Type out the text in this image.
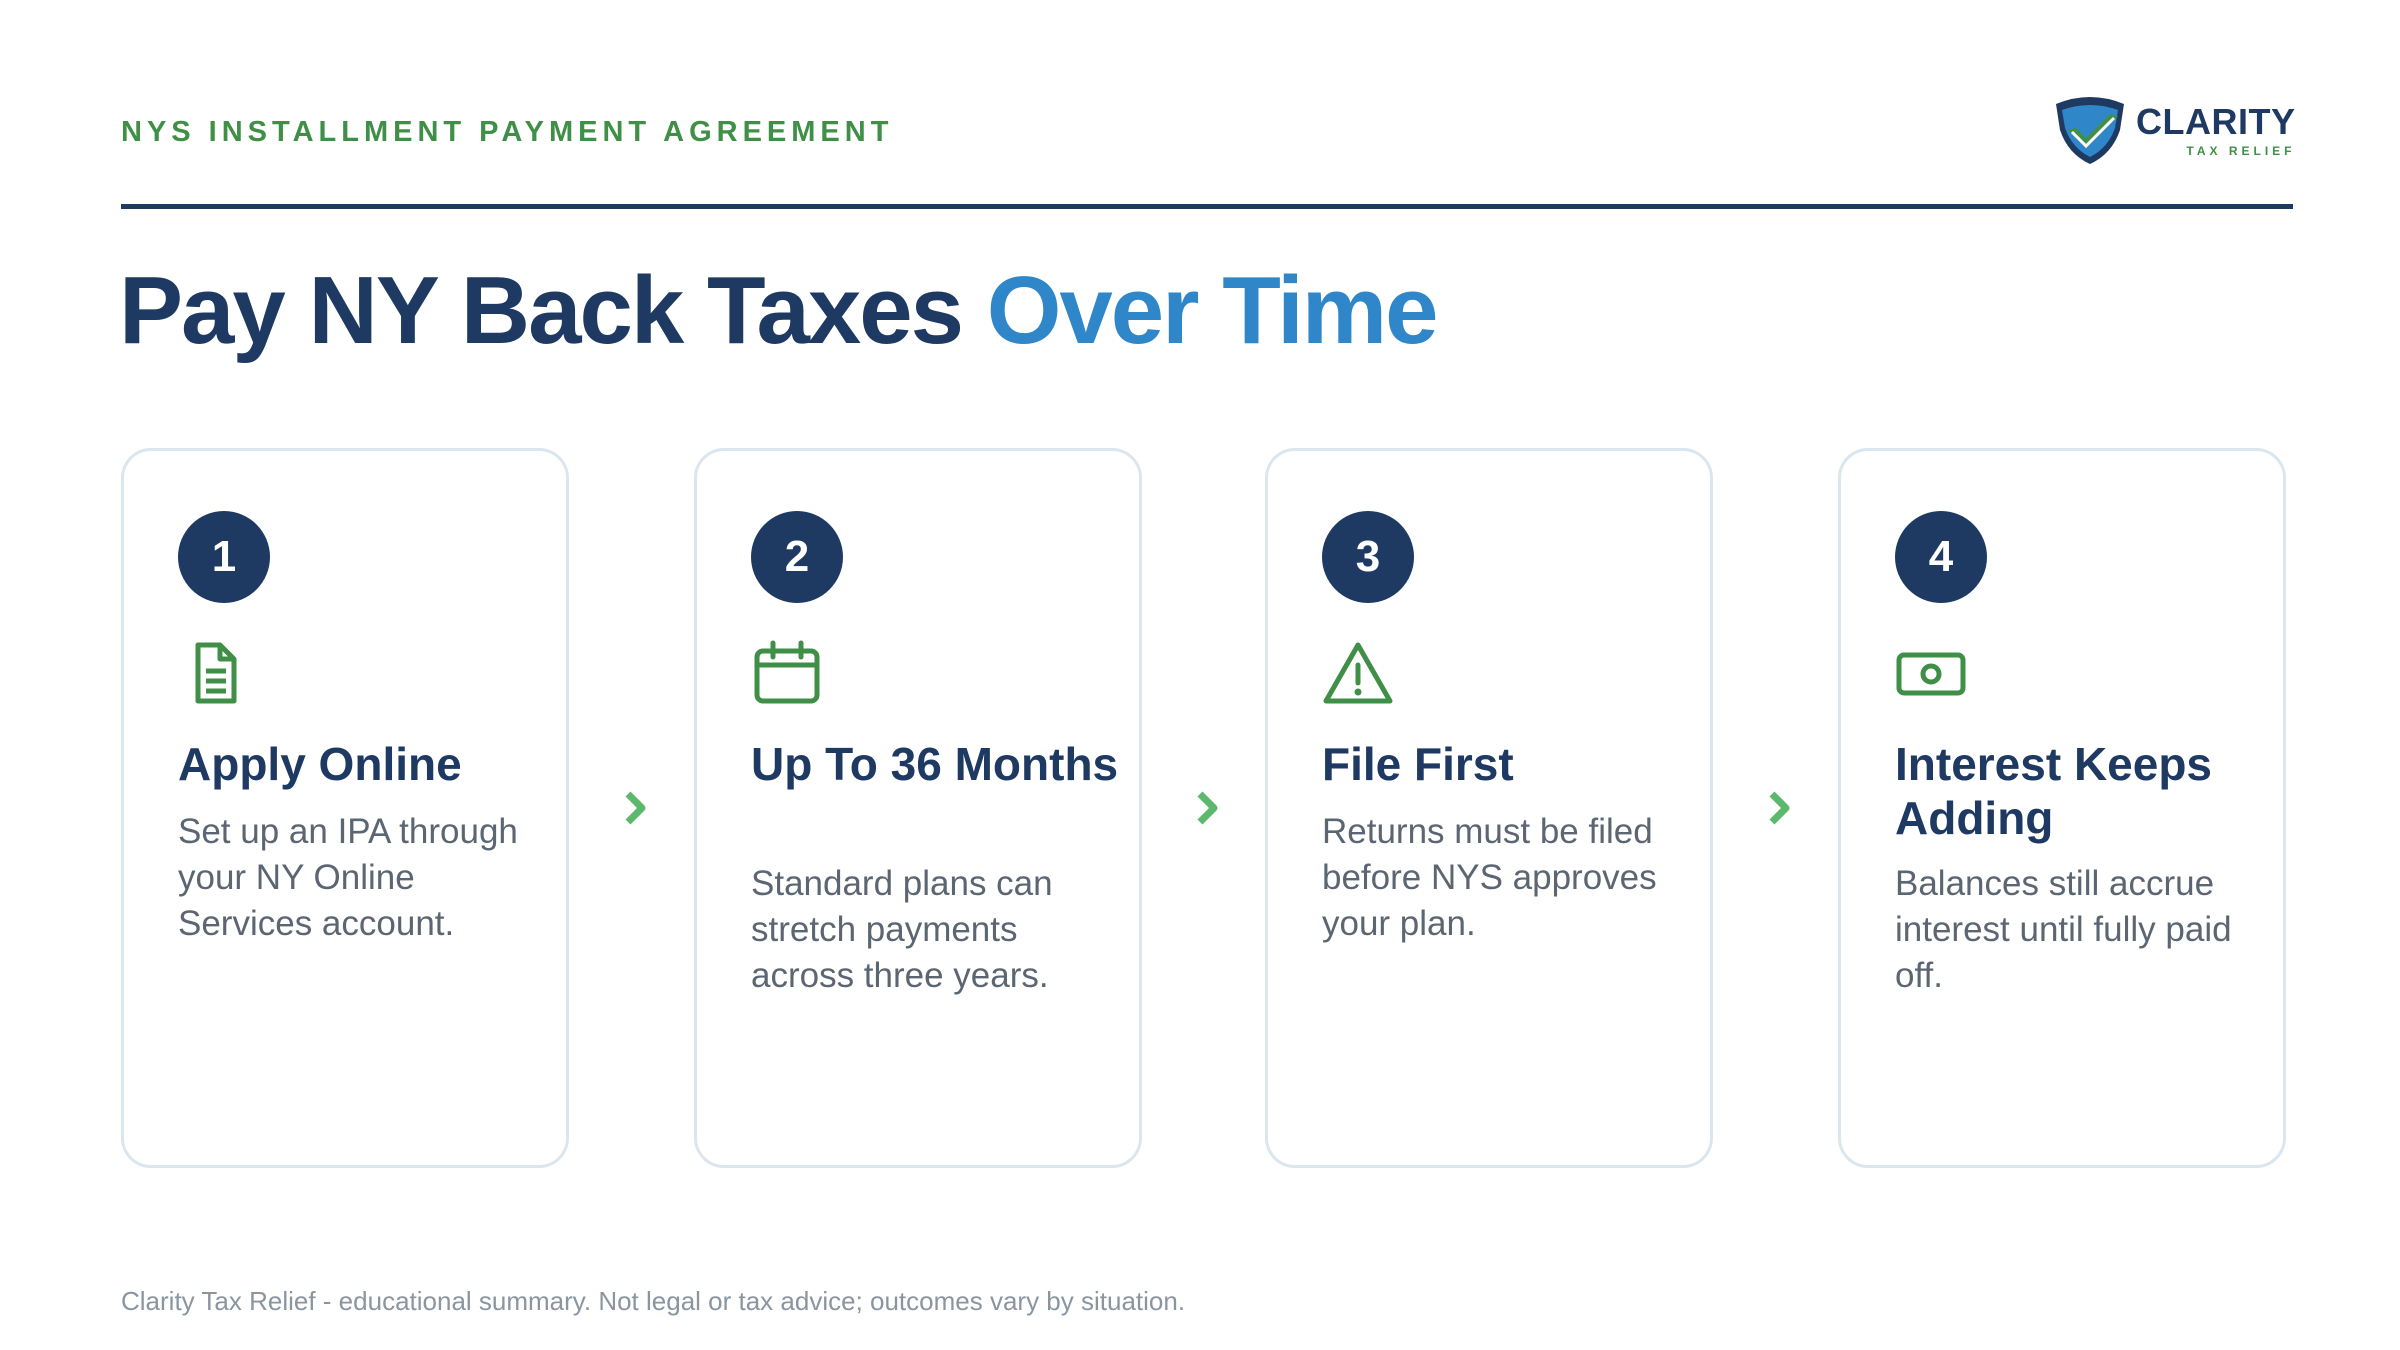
NYS INSTALLMENT PAYMENT AGREEMENT	CLARITY
TAX RELIEF
Pay NY Back Taxes Over Time
1
Apply Online
Set up an IPA through your NY Online Services account.
2
Up To 36 Months
Standard plans can stretch payments across three years.
3
File First
Returns must be filed before NYS approves your plan.
4
Interest Keeps Adding
Balances still accrue interest until fully paid off.
Clarity Tax Relief - educational summary. Not legal or tax advice; outcomes vary by situation.
